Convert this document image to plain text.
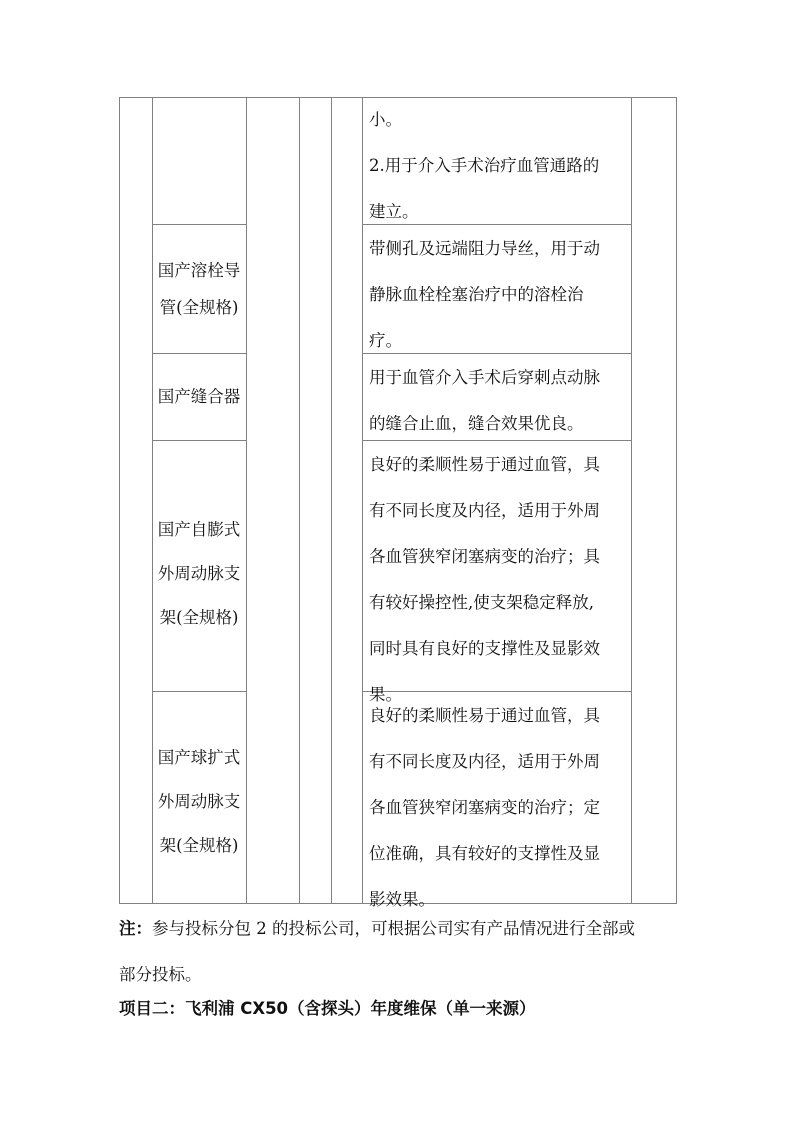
小。
2.用于介入手术治疗血管通路的
建立。
国产溶栓导
管(全规格)
带侧孔及远端阻力导丝，用于动
静脉血栓栓塞治疗中的溶栓治
疗。
国产缝合器
用于血管介入手术后穿刺点动脉
的缝合止血，缝合效果优良。
国产自膨式
外周动脉支
架(全规格)
良好的柔顺性易于通过血管，具
有不同长度及内径，适用于外周
各血管狭窄闭塞病变的治疗；具
有较好操控性,使支架稳定释放,
同时具有良好的支撑性及显影效
果。
国产球扩式
外周动脉支
架(全规格)
良好的柔顺性易于通过血管，具
有不同长度及内径，适用于外周
各血管狭窄闭塞病变的治疗；定
位准确，具有较好的支撑性及显
影效果。
注：参与投标分包 2 的投标公司，可根据公司实有产品情况进行全部或
部分投标。
项目二：飞利浦 CX50（含探头）年度维保（单一来源）
